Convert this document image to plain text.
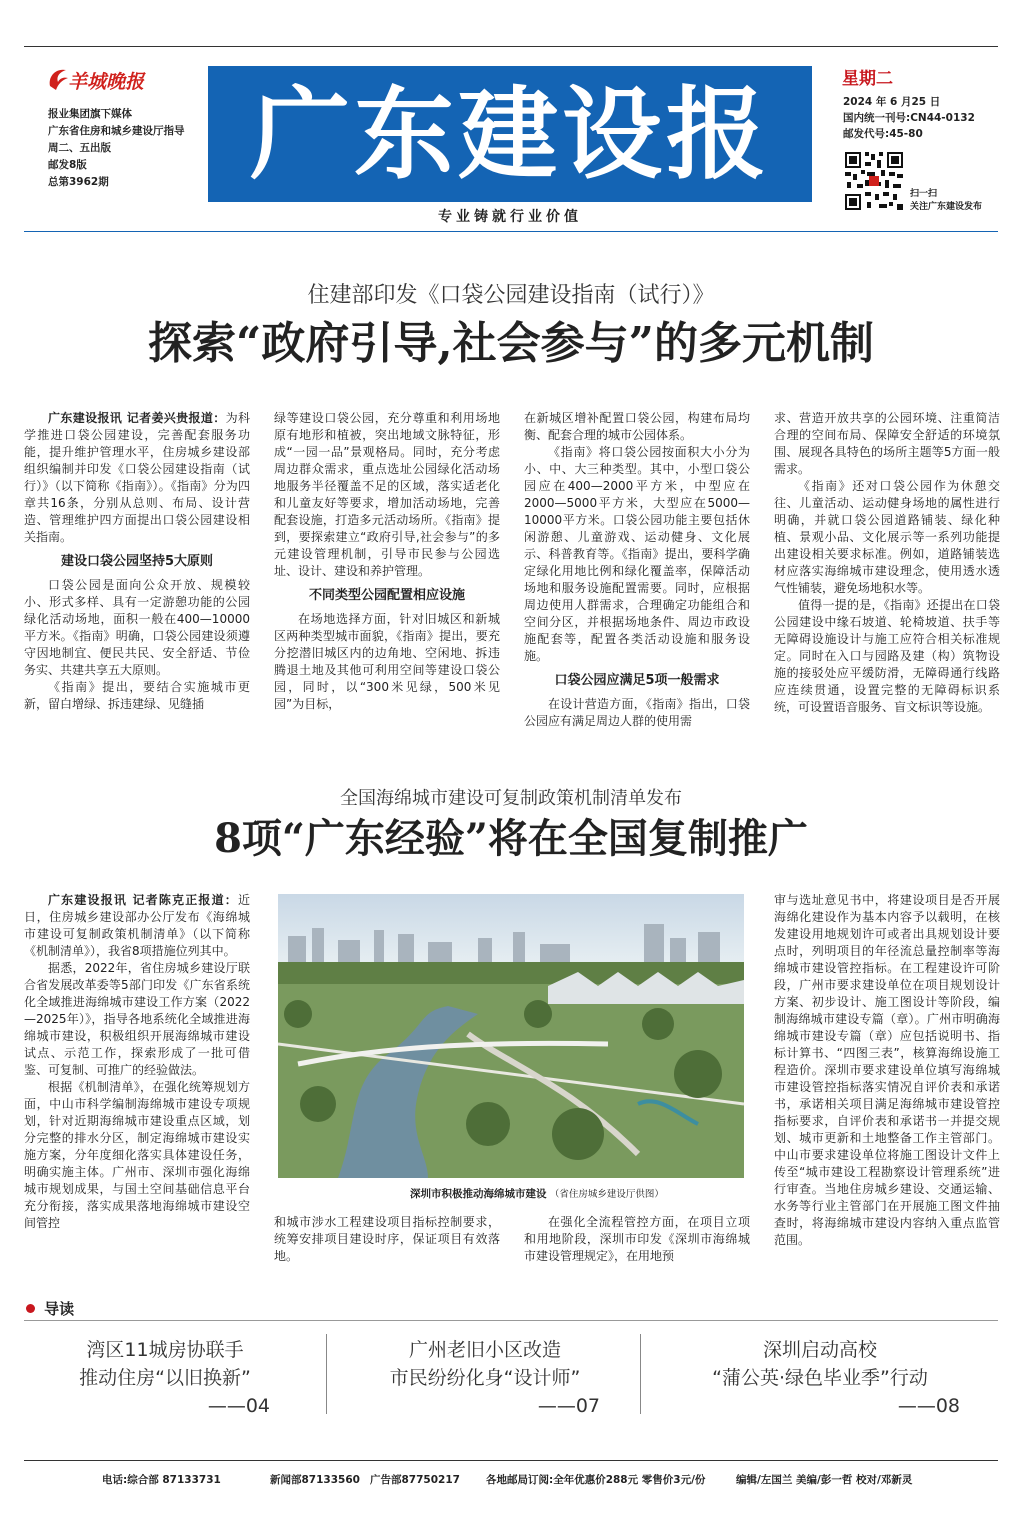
羊城晚报
报业集团旗下媒体
广东省住房和城乡建设厅指导
周二、五出版
邮发8版
总第3962期	广东建设报
专业铸就行业价值
星期二
2024 年 6 月25 日
国内统一刊号:CN44-0132
邮发代号:45-80
扫一扫
关注广东建设发布
住建部印发《口袋公园建设指南（试行）》
探索“政府引导,社会参与”的多元机制

广东建设报讯 记者姜兴贵报道：为科学推进口袋公园建设，完善配套服务功能，提升维护管理水平，住房城乡建设部组织编制并印发《口袋公园建设指南（试行）》（以下简称《指南》）。《指南》分为四章共16条，分别从总则、布局、设计营造、管理维护四方面提出口袋公园建设相关指南。

建设口袋公园坚持5大原则

口袋公园是面向公众开放、规模较小、形式多样、具有一定游憩功能的公园绿化活动场地，面积一般在400—10000平方米。《指南》明确，口袋公园建设须遵守因地制宜、便民共民、安全舒适、节俭务实、共建共享五大原则。

《指南》提出，要结合实施城市更新，留白增绿、拆违建绿、见缝插

绿等建设口袋公园，充分尊重和利用场地原有地形和植被，突出地域文脉特征，形成“一园一品”景观格局。同时，充分考虑周边群众需求，重点选址公园绿化活动场地服务半径覆盖不足的区域，落实适老化和儿童友好等要求，增加活动场地，完善配套设施，打造多元活动场所。《指南》提到，要探索建立“政府引导,社会参与”的多元建设管理机制，引导市民参与公园选址、设计、建设和养护管理。

不同类型公园配置相应设施

在场地选择方面，针对旧城区和新城区两种类型城市面貌，《指南》提出，要充分挖潜旧城区内的边角地、空闲地、拆违腾退土地及其他可利用空间等建设口袋公园，同时，以“300米见绿，500米见园”为目标，

在新城区增补配置口袋公园，构建布局均衡、配套合理的城市公园体系。

《指南》将口袋公园按面积大小分为小、中、大三种类型。其中，小型口袋公园应在400—2000平方米，中型应在2000—5000平方米，大型应在5000—10000平方米。口袋公园功能主要包括休闲游憩、儿童游戏、运动健身、文化展示、科普教育等。《指南》提出，要科学确定绿化用地比例和绿化覆盖率，保障活动场地和服务设施配置需要。同时，应根据周边使用人群需求，合理确定功能组合和空间分区，并根据场地条件、周边市政设施配套等，配置各类活动设施和服务设施。

口袋公园应满足5项一般需求

在设计营造方面，《指南》指出，口袋公园应有满足周边人群的使用需

求、营造开放共享的公园环境、注重简洁合理的空间布局、保障安全舒适的环境氛围、展现各具特色的场所主题等5方面一般需求。

《指南》还对口袋公园作为休憩交往、儿童活动、运动健身场地的属性进行明确，并就口袋公园道路铺装、绿化种植、景观小品、文化展示等一系列功能提出建设相关要求标准。例如，道路铺装选材应落实海绵城市建设理念，使用透水透气性铺装，避免场地积水等。

值得一提的是，《指南》还提出在口袋公园建设中缘石坡道、轮椅坡道、扶手等无障碍设施设计与施工应符合相关标准规定。同时在入口与园路及建（构）筑物设施的接驳处应平缓防滑，无障碍通行线路应连续贯通，设置完整的无障碍标识系统，可设置语音服务、盲文标识等设施。

全国海绵城市建设可复制政策机制清单发布
8项“广东经验”将在全国复制推广

广东建设报讯 记者陈克正报道：近日，住房城乡建设部办公厅发布《海绵城市建设可复制政策机制清单》（以下简称《机制清单》），我省8项措施位列其中。

据悉，2022年，省住房城乡建设厅联合省发展改革委等5部门印发《广东省系统化全域推进海绵城市建设工作方案（2022—2025年）》，指导各地系统化全域推进海绵城市建设，积极组织开展海绵城市建设试点、示范工作，探索形成了一批可借鉴、可复制、可推广的经验做法。

根据《机制清单》，在强化统筹规划方面，中山市科学编制海绵城市建设专项规划，针对近期海绵城市建设重点区域，划分完整的排水分区，制定海绵城市建设实施方案，分年度细化落实具体建设任务，明确实施主体。广州市、深圳市强化海绵城市规划成果，与国土空间基础信息平台充分衔接，落实成果落地海绵城市建设空间管控

深圳市积极推动海绵城市建设 （省住房城乡建设厅供图）

和城市涉水工程建设项目指标控制要求，统筹安排项目建设时序，保证项目有效落地。

在强化全流程管控方面，在项目立项和用地阶段，深圳市印发《深圳市海绵城市建设管理规定》，在用地预

审与选址意见书中，将建设项目是否开展海绵化建设作为基本内容予以载明，在核发建设用地规划许可或者出具规划设计要点时，列明项目的年径流总量控制率等海绵城市建设管控指标。在工程建设许可阶段，广州市要求建设单位在项目规划设计方案、初步设计、施工图设计等阶段，编制海绵城市建设专篇（章）。广州市明确海绵城市建设专篇（章）应包括说明书、指标计算书、“四图三表”，核算海绵设施工程造价。深圳市要求建设单位填写海绵城市建设管控指标落实情况自评价表和承诺书，承诺相关项目满足海绵城市建设管控指标要求，自评价表和承诺书一并提交规划、城市更新和土地整备工作主管部门。中山市要求建设单位将施工图设计文件上传至“城市建设工程勘察设计管理系统”进行审查。当地住房城乡建设、交通运输、水务等行业主管部门在开展施工图文件抽查时，将海绵城市建设内容纳入重点监管范围。

导读
湾区11城房协联手
推动住房“以旧换新”
——04
广州老旧小区改造
市民纷纷化身“设计师”
——07
深圳启动高校
“蒲公英·绿色毕业季”行动
——08
电话:综合部 87133731	新闻部87133560 广告部87750217 各地邮局订阅:全年优惠价288元 零售价3元/份	编辑/左国兰 美编/彭一哲 校对/邓新灵
